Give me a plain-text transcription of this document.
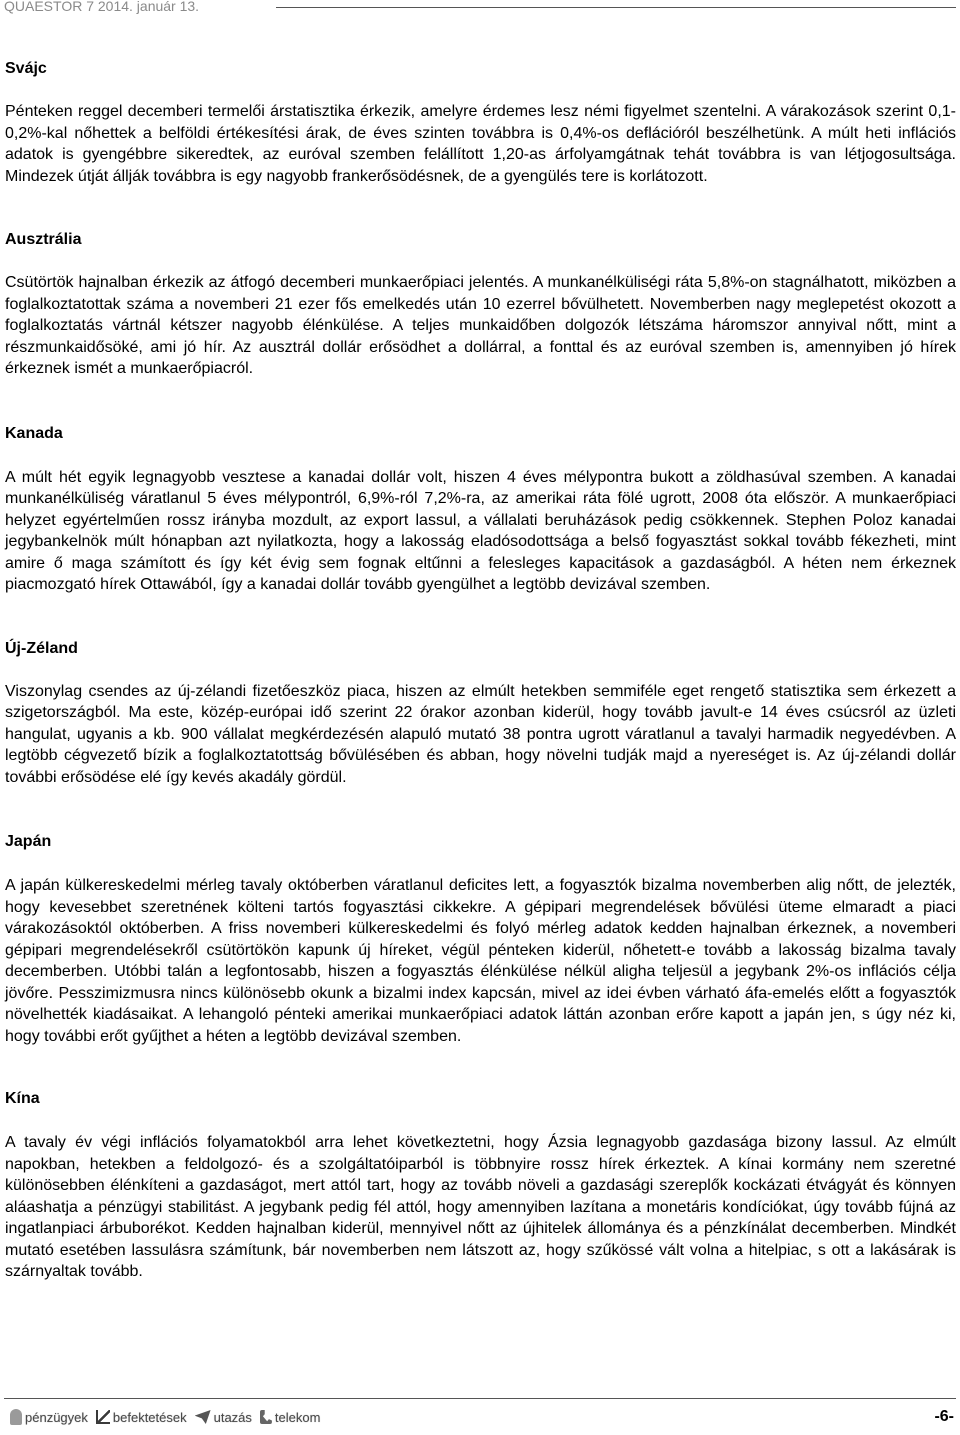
QUAESTOR 7 2014. január 13.
Svájc

Pénteken reggel decemberi termelői árstatisztika érkezik, amelyre érdemes lesz némi figyelmet szentelni. A várakozások szerint 0,1-0,2%-kal nőhettek a belföldi értékesítési árak, de éves szinten továbbra is 0,4%-os deflációról beszélhetünk. A múlt heti inflációs adatok is gyengébbre sikeredtek, az euróval szemben felállított 1,20-as árfolyamgátnak tehát továbbra is van létjogosultsága. Mindezek útját állják továbbra is egy nagyobb frankerősödésnek, de a gyengülés tere is korlátozott.

Ausztrália

Csütörtök hajnalban érkezik az átfogó decemberi munkaerőpiaci jelentés. A munkanélküliségi ráta 5,8%-on stagnálhatott, miközben a foglalkoztatottak száma a novemberi 21 ezer fős emelkedés után 10 ezerrel bővülhetett. Novemberben nagy meglepetést okozott a foglalkoztatás vártnál kétszer nagyobb élénkülése. A teljes munkaidőben dolgozók létszáma háromszor annyival nőtt, mint a részmunkaidősöké, ami jó hír. Az ausztrál dollár erősödhet a dollárral, a fonttal és az euróval szemben is, amennyiben jó hírek érkeznek ismét a munkaerőpiacról.

Kanada

A múlt hét egyik legnagyobb vesztese a kanadai dollár volt, hiszen 4 éves mélypontra bukott a zöldhasúval szemben. A kanadai munkanélküliség váratlanul 5 éves mélypontról, 6,9%-ról 7,2%-ra, az amerikai ráta fölé ugrott, 2008 óta először. A munkaerőpiaci helyzet egyértelműen rossz irányba mozdult, az export lassul, a vállalati beruházások pedig csökkennek. Stephen Poloz kanadai jegybankelnök múlt hónapban azt nyilatkozta, hogy a lakosság eladósodottsága a belső fogyasztást sokkal tovább fékezheti, mint amire ő maga számított és így két évig sem fognak eltűnni a felesleges kapacitások a gazdaságból. A héten nem érkeznek piacmozgató hírek Ottawából, így a kanadai dollár tovább gyengülhet a legtöbb devizával szemben.

Új-Zéland

Viszonylag csendes az új-zélandi fizetőeszköz piaca, hiszen az elmúlt hetekben semmiféle eget rengető statisztika sem érkezett a szigetországból. Ma este, közép-európai idő szerint 22 órakor azonban kiderül, hogy tovább javult-e 14 éves csúcsról az üzleti hangulat, ugyanis a kb. 900 vállalat megkérdezésén alapuló mutató 38 pontra ugrott váratlanul a tavalyi harmadik negyedévben. A legtöbb cégvezető bízik a foglalkoztatottság bővülésében és abban, hogy növelni tudják majd a nyereséget is. Az új-zélandi dollár további erősödése elé így kevés akadály gördül.

Japán

A japán külkereskedelmi mérleg tavaly októberben váratlanul deficites lett, a fogyasztók bizalma novemberben alig nőtt, de jelezték, hogy kevesebbet szeretnének költeni tartós fogyasztási cikkekre. A gépipari megrendelések bővülési üteme elmaradt a piaci várakozásoktól októberben. A friss novemberi külkereskedelmi és folyó mérleg adatok kedden hajnalban érkeznek, a novemberi gépipari megrendelésekről csütörtökön kapunk új híreket, végül pénteken kiderül, nőhetett-e tovább a lakosság bizalma tavaly decemberben. Utóbbi talán a legfontosabb, hiszen a fogyasztás élénkülése nélkül aligha teljesül a jegybank 2%-os inflációs célja jövőre. Pesszimizmusra nincs különösebb okunk a bizalmi index kapcsán, mivel az idei évben várható áfa-emelés előtt a fogyasztók növelhették kiadásaikat. A lehangoló pénteki amerikai munkaerőpiaci adatok láttán azonban erőre kapott a japán jen, s úgy néz ki, hogy további erőt gyűjthet a héten a legtöbb devizával szemben.

Kína

A tavaly év végi inflációs folyamatokból arra lehet következtetni, hogy Ázsia legnagyobb gazdasága bizony lassul. Az elmúlt napokban, hetekben a feldolgozó- és a szolgáltatóiparból is többnyire rossz hírek érkeztek. A kínai kormány nem szeretné különösebben élénkíteni a gazdaságot, mert attól tart, hogy az tovább növeli a gazdasági szereplők kockázati étvágyát és könnyen aláashatja a pénzügyi stabilitást. A jegybank pedig fél attól, hogy amennyiben lazítana a monetáris kondíciókat, úgy tovább fújná az ingatlanpiaci árbuborékot. Kedden hajnalban kiderül, mennyivel nőtt az újhitelek állománya és a pénzkínálat decemberben. Mindkét mutató esetében lassulásra számítunk, bár novemberben nem látszott az, hogy szűkössé vált volna a hitelpiac, s ott a lakásárak is szárnyaltak tovább.

pénzügyek befektetések utazás telekom	-6-
